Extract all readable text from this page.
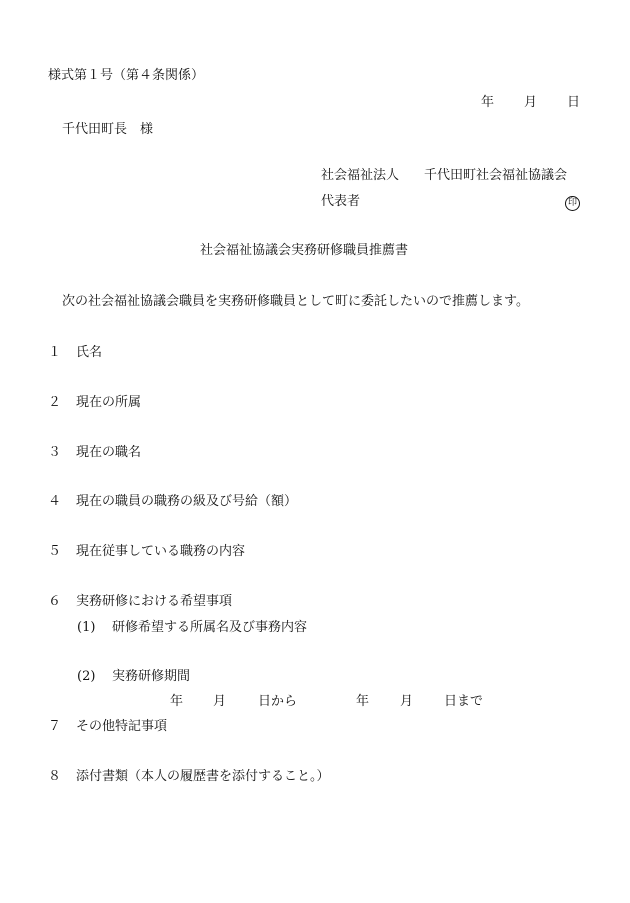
様式第１号（第４条関係）
年 月 日
千代田町長　様
社会福祉法人 千代田町社会福祉協議会
代表者	印
社会福祉協議会実務研修職員推薦書
次の社会福祉協議会職員を実務研修職員として町に委託したいので推薦します。
１ 氏名
２ 現在の所属
３ 現在の職名
４ 現在の職員の職務の級及び号給（額）
５ 現在従事している職務の内容
６ 実務研修における希望事項
(1) 研修希望する所属名及び事務内容
(2) 実務研修期間
年 月 日から	年 月 日まで
７ その他特記事項
８ 添付書類（本人の履歴書を添付すること。）
